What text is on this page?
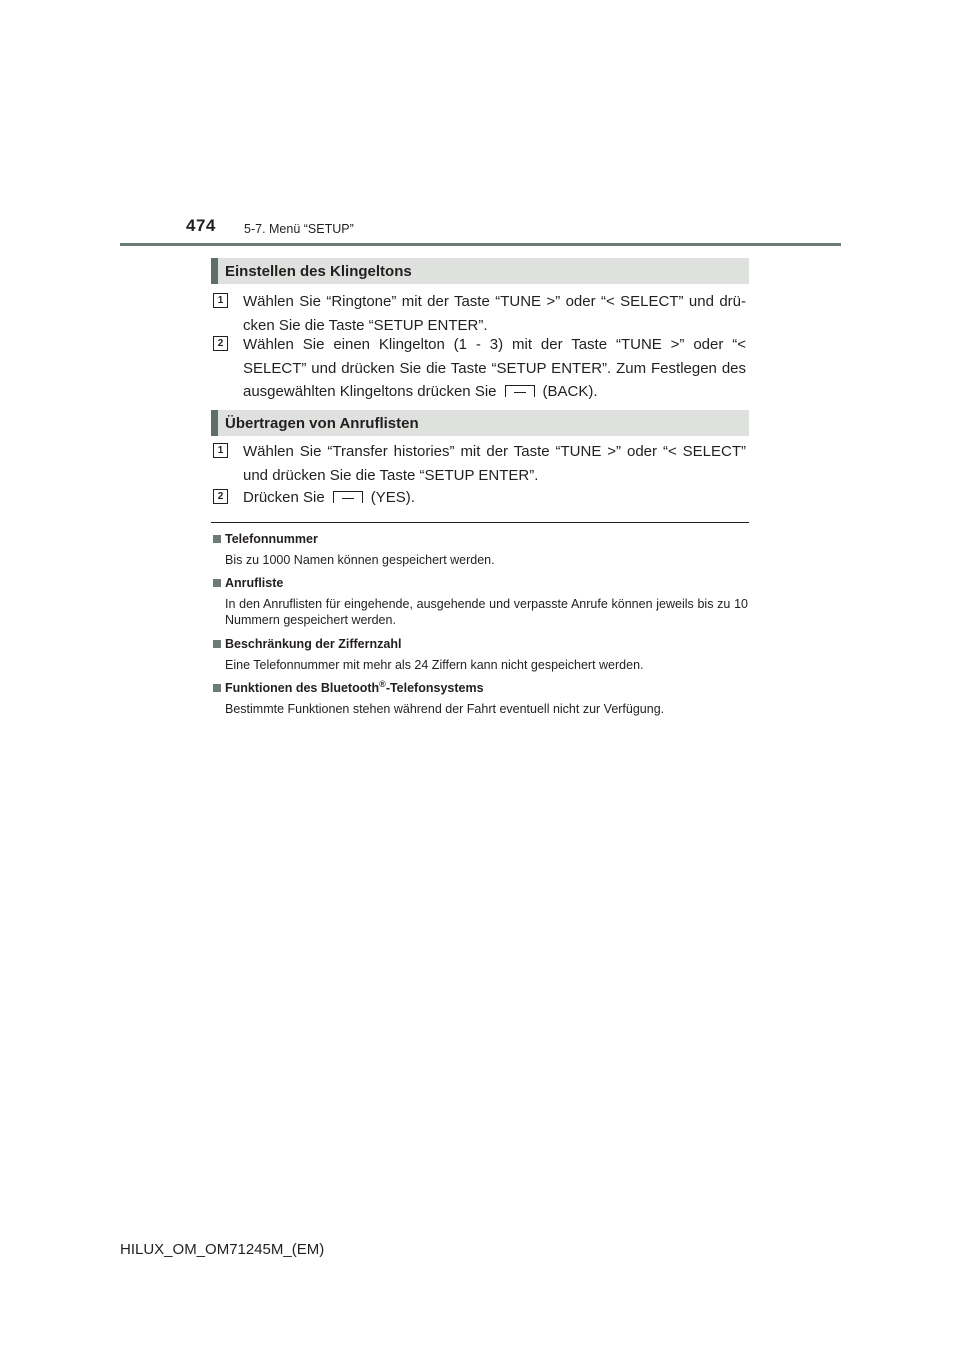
474 5-7. Menü “SETUP”
Einstellen des Klingeltons
1	Wählen Sie “Ringtone” mit der Taste “TUNE >” oder “< SELECT” und drü-cken Sie die Taste “SETUP ENTER”.
2	Wählen Sie einen Klingelton (1 - 3) mit der Taste “TUNE >” oder “< SELECT” und drücken Sie die Taste “SETUP ENTER”. Zum Festlegen des ausgewählten Klingeltons drücken Sie	(BACK).
Übertragen von Anruflisten
1	Wählen Sie “Transfer histories” mit der Taste “TUNE >” oder “< SELECT” und drücken Sie die Taste “SETUP ENTER”.
2	Drücken Sie	(YES).
Telefonnummer
Bis zu 1000 Namen können gespeichert werden.
Anrufliste
In den Anruflisten für eingehende, ausgehende und verpasste Anrufe können jeweils bis zu 10 Nummern gespeichert werden.
Beschränkung der Ziffernzahl
Eine Telefonnummer mit mehr als 24 Ziffern kann nicht gespeichert werden.
Funktionen des Bluetooth®-Telefonsystems
Bestimmte Funktionen stehen während der Fahrt eventuell nicht zur Verfügung.
HILUX_OM_OM71245M_(EM)
